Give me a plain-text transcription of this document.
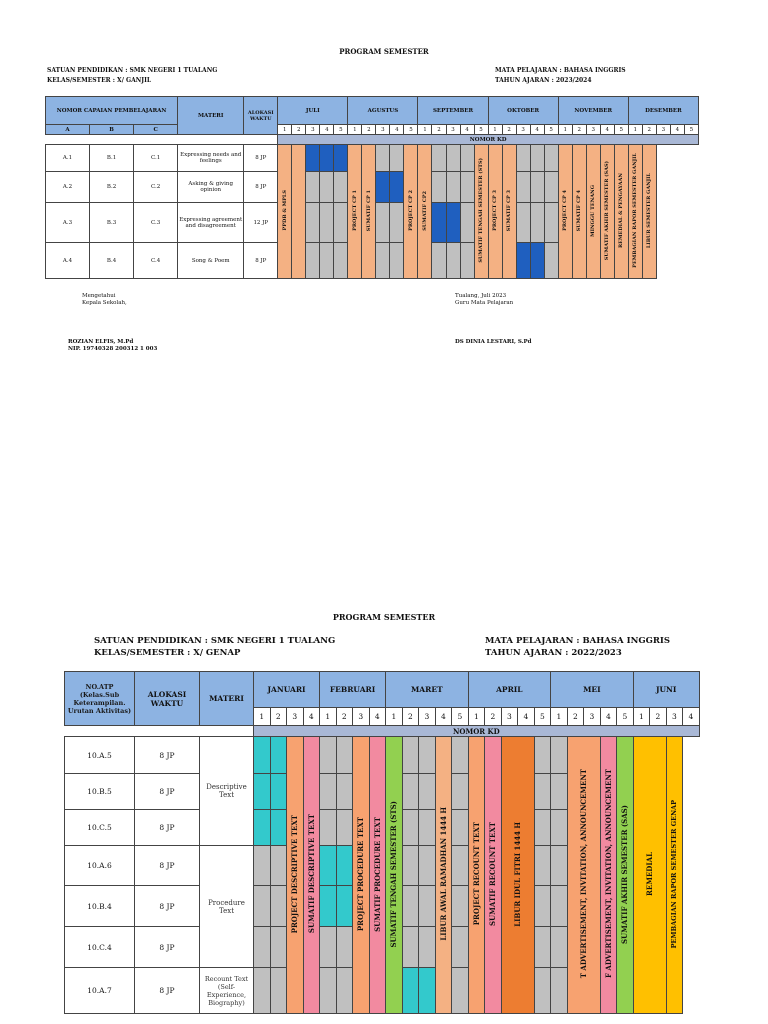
PROGRAM SEMESTER
SATUAN PENDIDIKAN : SMK NEGERI 1 TUALANG
KELAS/SEMESTER : X/ GANJIL
MATA PELAJARAN : BAHASA INGGRIS
TAHUN AJARAN : 2023/2024
NOMOR CAPAIAN PEMBELAJARAN			MATERI	ALOKASI WAKTU	JULI					AGUSTUS					SEPTEMBER					OKTOBER					NOVEMBER					DESEMBER				
A	B	C			1	2	3	4	5	1	2	3	4	5	1	2	3	4	5	1	2	3	4	5	1	2	3	4	5	1	2	3	4	5
					NOMOR KD																													
A.1	B.1	C.1	Expressing needs and feelings	8 JP	PPDB & MPLS					PROJECT CP 1	SUMATIF CP 1			PROJECT CP 2	SUMATIF CP2				SUMATIF TENGAH SEMESTER (STS)	PROJECT CP 3	SUMATIF CP 3				PROJECT CP 4	SUMATIF CP 4	MINGGU TENANG	SUMATIF AKHIR SEMESTER (SAS)	REMEDIAL & PENGAYAAN	PEMBAGIAN RAPOR SEMESTER GANJIL	LIBUR SEMESTER GANJIL			
A.2	B.2	C.2	Asking & giving opinion	8 JP																														
A.3	B.3	C.3	Expressing agreement and disagreement	12 JP																														
A.4	B.4	C.4	Song & Poem	8 JP																														
Mengetahui
Kepala Sekolah,
Tualang, Juli 2023
Guru Mata Pelajaran
ROZIAN ELFIS, M.Pd
NIP. 19740328 200312 1 003
DS DINIA LESTARI, S.Pd
PROGRAM SEMESTER
SATUAN PENDIDIKAN : SMK NEGERI 1 TUALANG
KELAS/SEMESTER : X/ GENAP
MATA PELAJARAN : BAHASA INGGRIS
TAHUN AJARAN : 2022/2023
NO.ATP (Kelas.Sub Keterampilan. Urutan Aktivitas)	ALOKASI WAKTU	MATERI	JANUARI				FEBRUARI				MARET					APRIL					MEI					JUNI			
			1	2	3	4	1	2	3	4	1	2	3	4	5	1	2	3	4	5	1	2	3	4	5	1	2	3	4
			NOMOR KD																										
10.A.5	8 JP	Descriptive Text			PROJECT DESCRIPTIVE TEXT	SUMATIF DESCRIPTIVE TEXT			PROJECT PROCEDURE TEXT	SUMATIF PROCEDURE TEXT	SUMATIF TENGAH SEMESTER (STS)			LIBUR AWAL RAMADHAN 1444 H		PROJECT RECOUNT TEXT	SUMATIF RECOUNT TEXT	LIBUR IDUL FITRI 1444 H				T ADVERTISEMENT, INVITATION, ANNOUNCEMENT		F ADVERTISEMENT, INVITATION, ANNOUNCEMENT	SUMATIF AKHIR SEMESTER (SAS)	REMEDIAL		PEMBAGIAN RAPOR SEMESTER GENAP	
10.B.5	8 JP																												
10.C.5	8 JP																												
10.A.6	8 JP	Procedure Text																											
10.B.4	8 JP																												
10.C.4	8 JP																												
10.A.7	8 JP	Recount Text (Self-Experience, Biography)																											
